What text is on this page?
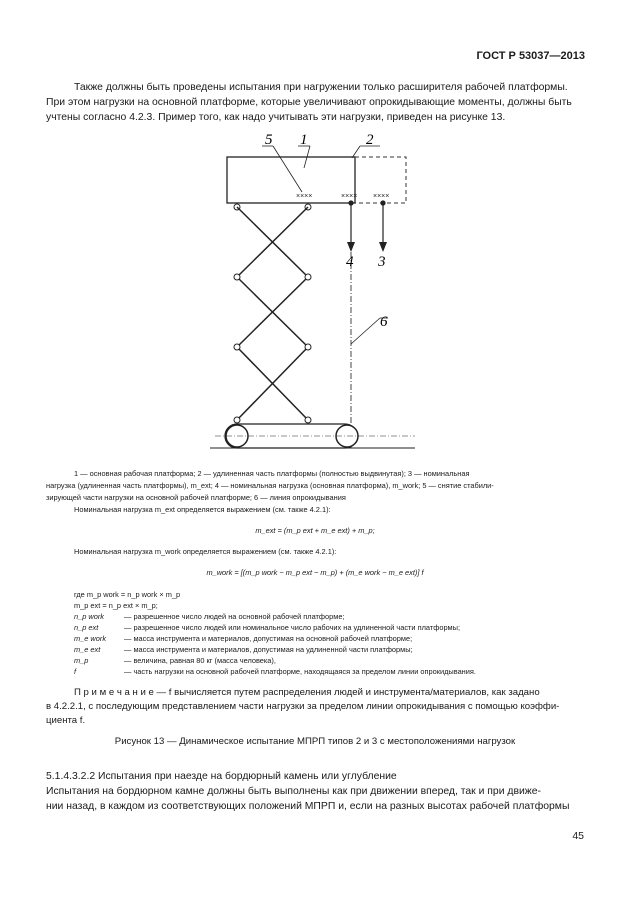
ГОСТ Р 53037—2013
Также должны быть проведены испытания при нагружении только расширителя рабочей платформы.
При этом нагрузки на основной платформе, которые увеличивают опрокидывающие моменты, должны быть
учтены согласно 4.2.3. Пример того, как надо учитывать эти нагрузки, приведен на рисунке 13.
5 1	2
4 3
6
××××	×××× ××××
1 — основная рабочая платформа; 2 — удлиненная часть платформы (полностью выдвинутая); 3 — номинальная
нагрузка (удлиненная часть платформы), m_ext; 4 — номинальная нагрузка (основная платформа), m_work; 5 — снятие стабили-
зирующей части нагрузки на основной рабочей платформе; 6 — линия опрокидывания
Номинальная нагрузка m_ext определяется выражением (см. также 4.2.1):
m_ext = (m_p ext + m_e ext) + m_p;
Номинальная нагрузка m_work определяется выражением (см. также 4.2.1):
m_work = [(m_p work − m_p ext − m_p) + (m_e work − m_e ext)] f
где m_p work = n_p work × m_p
m_p ext = n_p ext × m_p;
n_p work	— разрешенное число людей на основной рабочей платформе;
n_p ext	— разрешенное число людей или номинальное число рабочих на удлиненной части платформы;
m_e work	— масса инструмента и материалов, допустимая на основной рабочей платформе;
m_e ext	— масса инструмента и материалов, допустимая на удлиненной части платформы;
m_p	— величина, равная 80 кг (масса человека),
f	— часть нагрузки на основной рабочей платформе, находящаяся за пределом линии опрокидывания.
П р и м е ч а н и е — f вычисляется путем распределения людей и инструмента/материалов, как задано
в 4.2.2.1, с последующим представлением части нагрузки за пределом линии опрокидывания с помощью коэффи-
циента f.
Рисунок 13 — Динамическое испытание МПРП типов 2 и 3 с местоположениями нагрузок
5.1.4.3.2.2 Испытания при наезде на бордюрный камень или углубление
Испытания на бордюрном камне должны быть выполнены как при движении вперед, так и при движе-
нии назад, в каждом из соответствующих положений МПРП и, если на разных высотах рабочей платформы
45
